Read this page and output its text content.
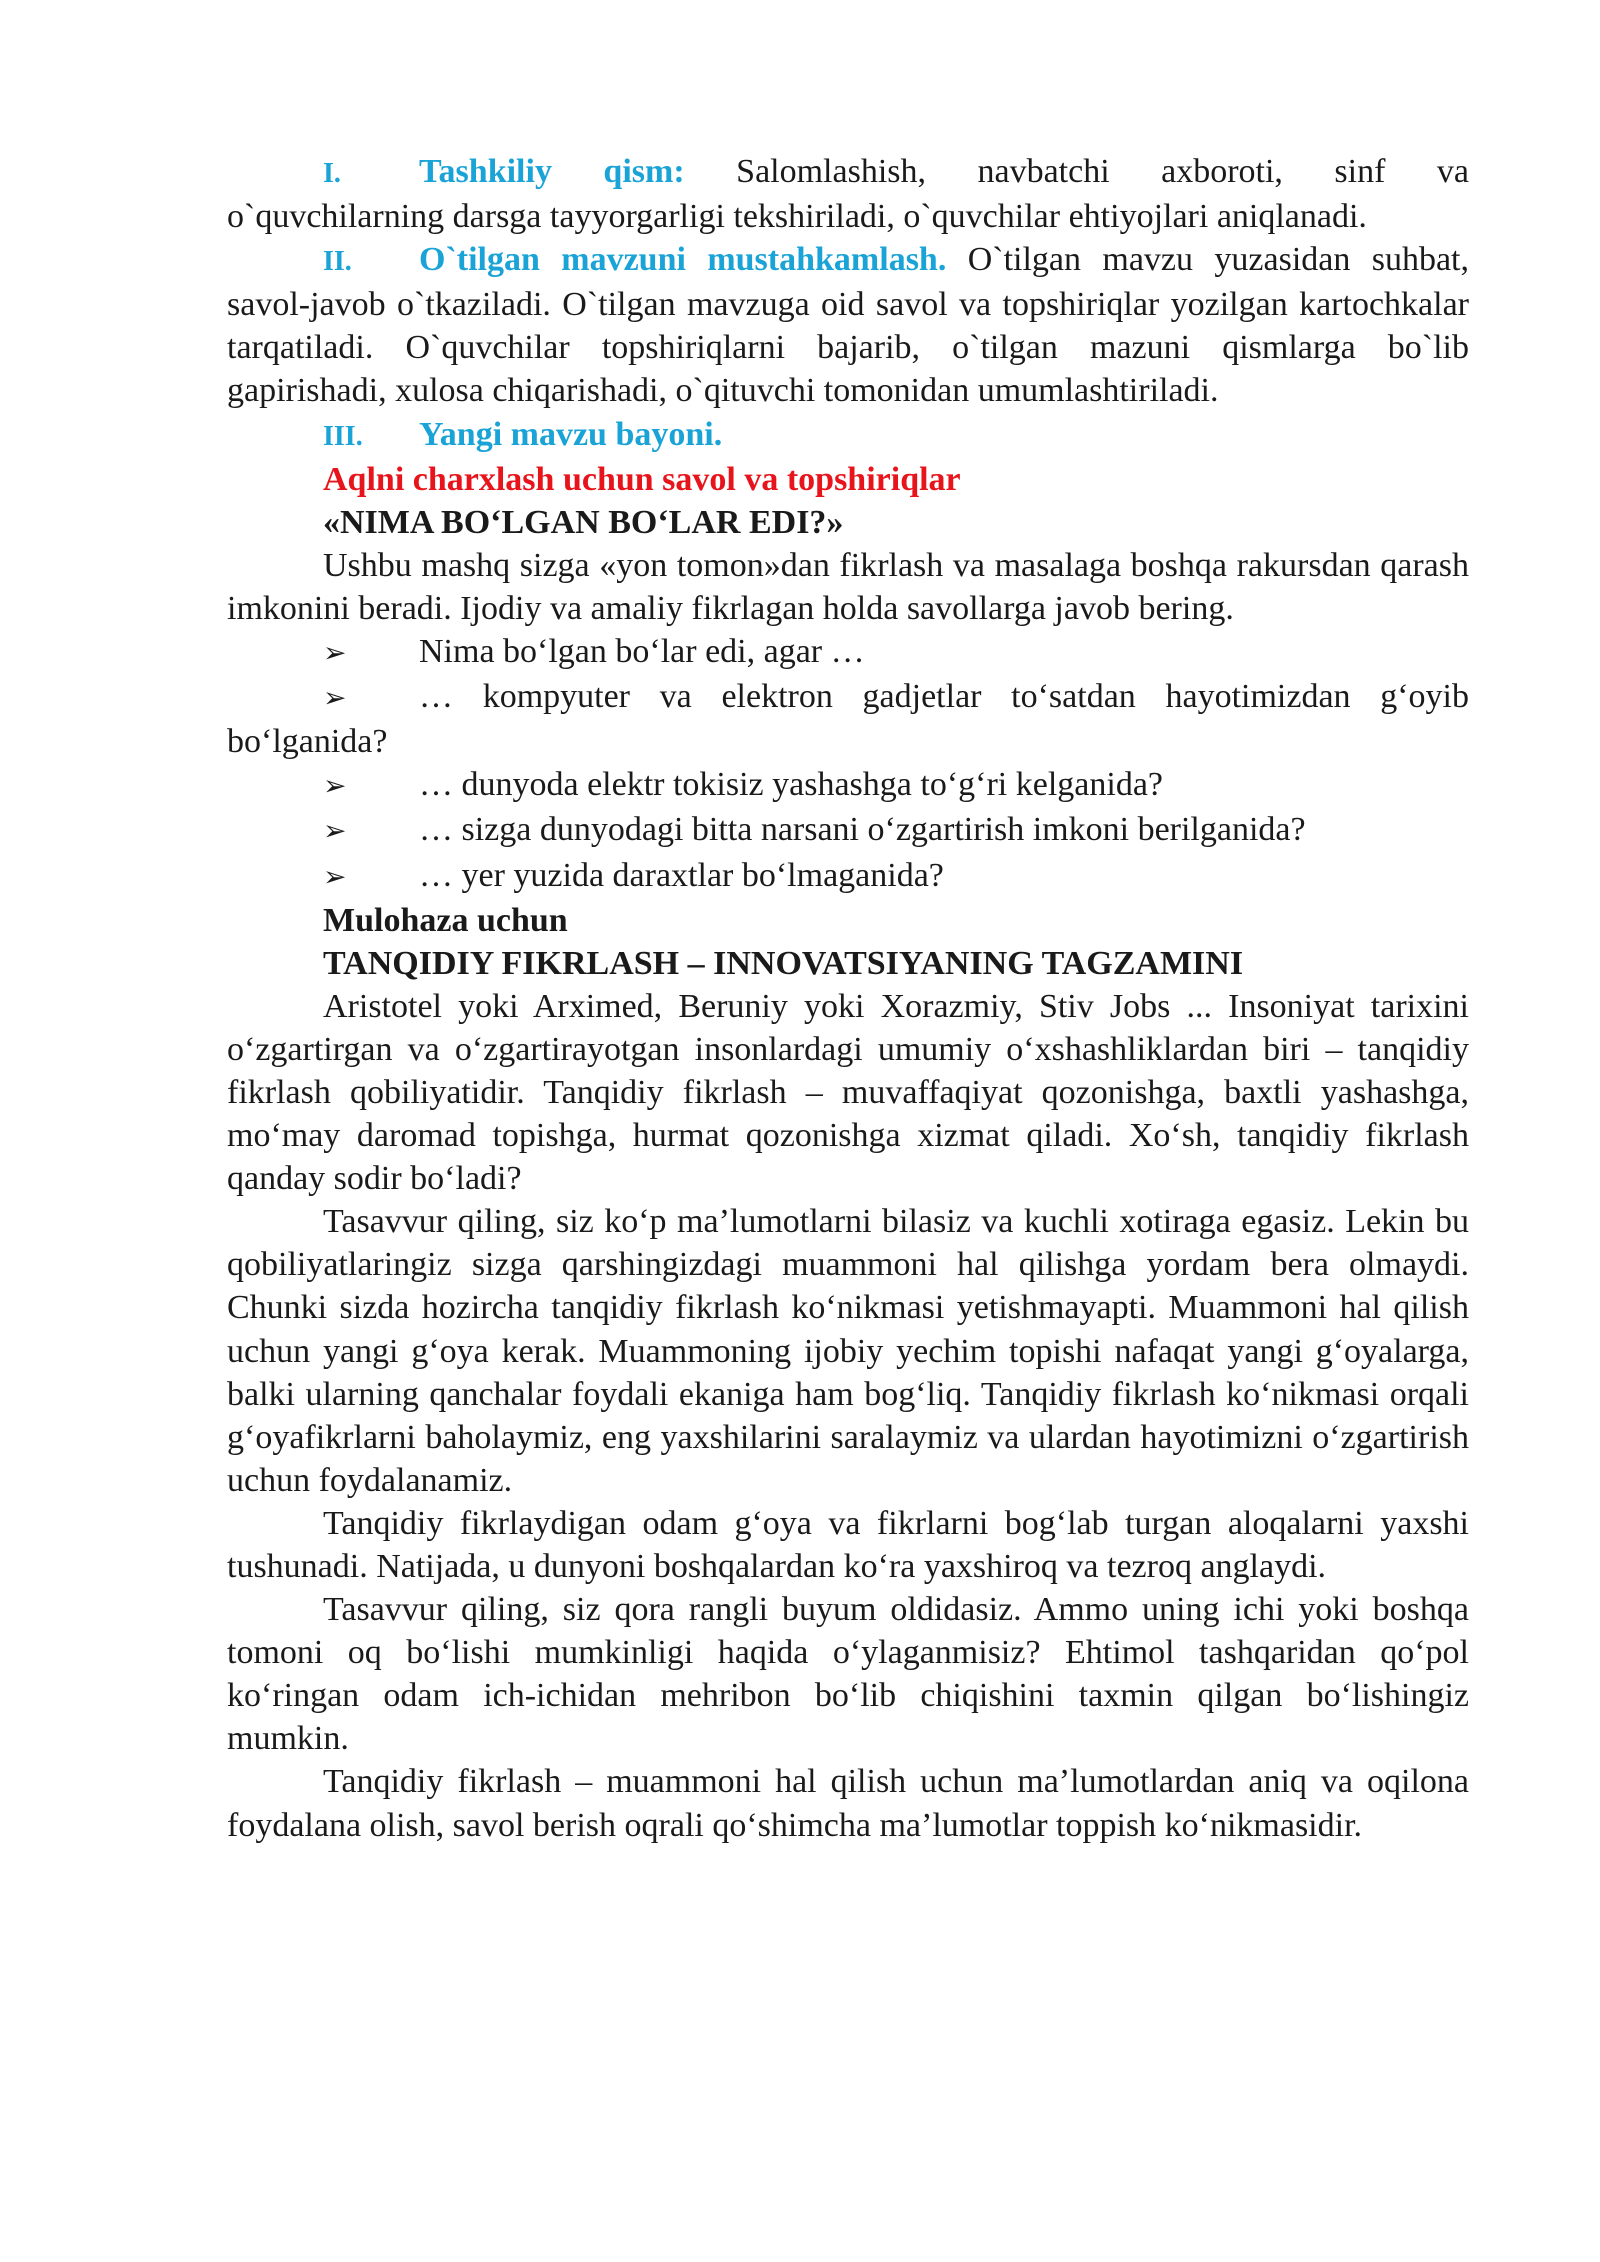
I. Tashkiliy qism: Salomlashish, navbatchi axboroti, sinf va

o`quvchilarning darsga tayyorgarligi tekshiriladi, o`quvchilar ehtiyojlari aniqlanadi.

II. O`tilgan mavzuni mustahkamlash. O`tilgan mavzu yuzasidan suhbat, savol-javob o`tkaziladi. O`tilgan mavzuga oid savol va topshiriqlar yozilgan kartochkalar tarqatiladi. O`quvchilar topshiriqlarni bajarib, o`tilgan mazuni qismlarga bo`lib gapirishadi, xulosa chiqarishadi, o`qituvchi tomonidan umumlashtiriladi.

III. Yangi mavzu bayoni.

Aqlni charxlash uchun savol va topshiriqlar

«NIMA BO‘LGAN BO‘LAR EDI?»

Ushbu mashq sizga «yon tomon»dan fikrlash va masalaga boshqa rakursdan qarash imkonini beradi. Ijodiy va amaliy fikrlagan holda savollarga javob bering.

➢ Nima bo‘lgan bo‘lar edi, agar …

➢ … kompyuter va elektron gadjetlar to‘satdan hayotimizdan g‘oyib bo‘lganida?

➢ … dunyoda elektr tokisiz yashashga to‘g‘ri kelganida?

➢ … sizga dunyodagi bitta narsani o‘zgartirish imkoni berilganida?

➢ … yer yuzida daraxtlar bo‘lmaganida?

Mulohaza uchun

TANQIDIY FIKRLASH – INNOVATSIYANING TAGZAMINI

Aristotel yoki Arximed, Beruniy yoki Xorazmiy, Stiv Jobs ... Insoniyat tarixini o‘zgartirgan va o‘zgartirayotgan insonlardagi umumiy o‘xshashliklardan biri – tanqidiy fikrlash qobiliyatidir. Tanqidiy fikrlash – muvaffaqiyat qozonishga, baxtli yashashga, mo‘may daromad topishga, hurmat qozonishga xizmat qiladi. Xo‘sh, tanqidiy fikrlash qanday sodir bo‘ladi?

Tasavvur qiling, siz ko‘p ma’lumotlarni bilasiz va kuchli xotiraga egasiz. Lekin bu qobiliyatlaringiz sizga qarshingizdagi muammoni hal qilishga yordam bera olmaydi. Chunki sizda hozircha tanqidiy fikrlash ko‘nikmasi yetishmayapti. Muammoni hal qilish uchun yangi g‘oya kerak. Muammoning ijobiy yechim topishi nafaqat yangi g‘oyalarga, balki ularning qanchalar foydali ekaniga ham bog‘liq. Tanqidiy fikrlash ko‘nikmasi orqali g‘oyafikrlarni baholaymiz, eng yaxshilarini saralaymiz va ulardan hayotimizni o‘zgartirish uchun foydalanamiz.

Tanqidiy fikrlaydigan odam g‘oya va fikrlarni bog‘lab turgan aloqalarni yaxshi tushunadi. Natijada, u dunyoni boshqalardan ko‘ra yaxshiroq va tezroq anglaydi.

Tasavvur qiling, siz qora rangli buyum oldidasiz. Ammo uning ichi yoki boshqa tomoni oq bo‘lishi mumkinligi haqida o‘ylaganmisiz? Ehtimol tashqaridan qo‘pol ko‘ringan odam ich-ichidan mehribon bo‘lib chiqishini taxmin qilgan bo‘lishingiz mumkin.

Tanqidiy fikrlash – muammoni hal qilish uchun ma’lumotlardan aniq va oqilona foydalana olish, savol berish oqrali qo‘shimcha ma’lumotlar toppish ko‘nikmasidir.
